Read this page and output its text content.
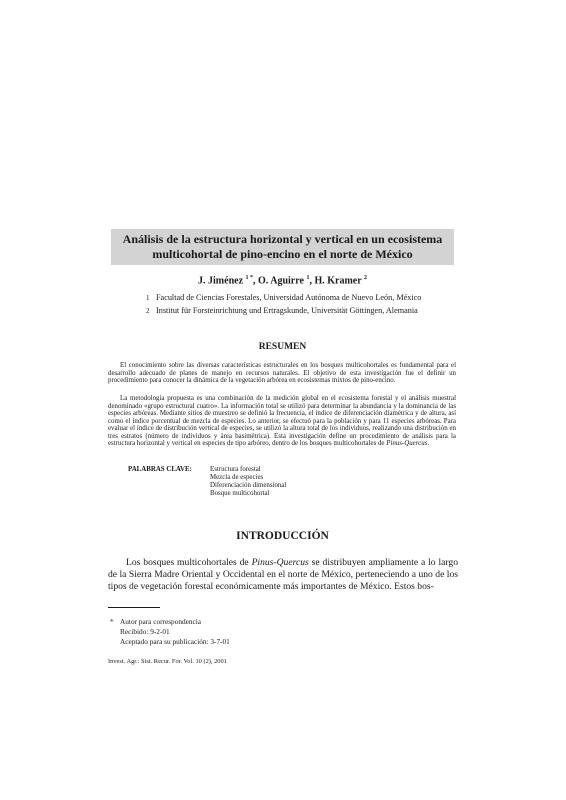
Análisis de la estructura horizontal y vertical en un ecosistema
multicohortal de pino-encino en el norte de México
J. Jiménez $^{1 *}$, O. Aguirre $^1$, H. Kramer $^2$
1 Facultad de Ciencias Forestales, Universidad Autónoma de Nuevo León, México
2 Institut für Forsteinrichtung und Ertragskunde, Universität Göttingen, Alemania
RESUMEN

El conocimiento sobre las diversas características estructurales en los bosques multicohortales es fundamental para el desarrollo adecuado de planes de manejo en recursos naturales. El objetivo de esta investigación fue el definir un procedimiento para conocer la dinámica de la vegetación arbórea en ecosistemas mixtos de pino-encino.

La metodología propuesta es una combinación de la medición global en el ecosistema forestal y el análisis muestral denominado «grupo estructural cuatro». La información total se utilizó para determinar la abundancia y la dominancia de las especies arbóreas. Mediante sitios de muestreo se definió la frecuencia, el índice de diferenciación diamétrica y de altura, así como el índice porcentual de mezcla de especies. Lo anterior, se efectuó para la población y para 11 especies arbóreas. Para evaluar el índice de distribución vertical de especies, se utilizó la altura total de los individuos, realizando una distribución en tres estratos (número de individuos y área basimétrica). Esta investigación define un procedimiento de análisis para la estructura horizontal y vertical en especies de tipo arbóreo, dentro de los bosques multicohortales de Pinus-Quercus.

PALABRAS CLAVE:	Estructura forestal
Mezcla de especies
Diferenciación dimensional
Bosque multicohortal
INTRODUCCIÓN

Los bosques multicohortales de Pinus-Quercus se distribuyen ampliamente a lo largo de la Sierra Madre Oriental y Occidental en el norte de México, perteneciendo a uno de los tipos de vegetación forestal económicamente más importantes de México. Estos bos-

* Autor para correspondencia
Recibido: 9-2-01
Aceptado para su publicación: 3-7-01
Invest. Agr.: Sist. Recur. For. Vol. 10 (2), 2001
